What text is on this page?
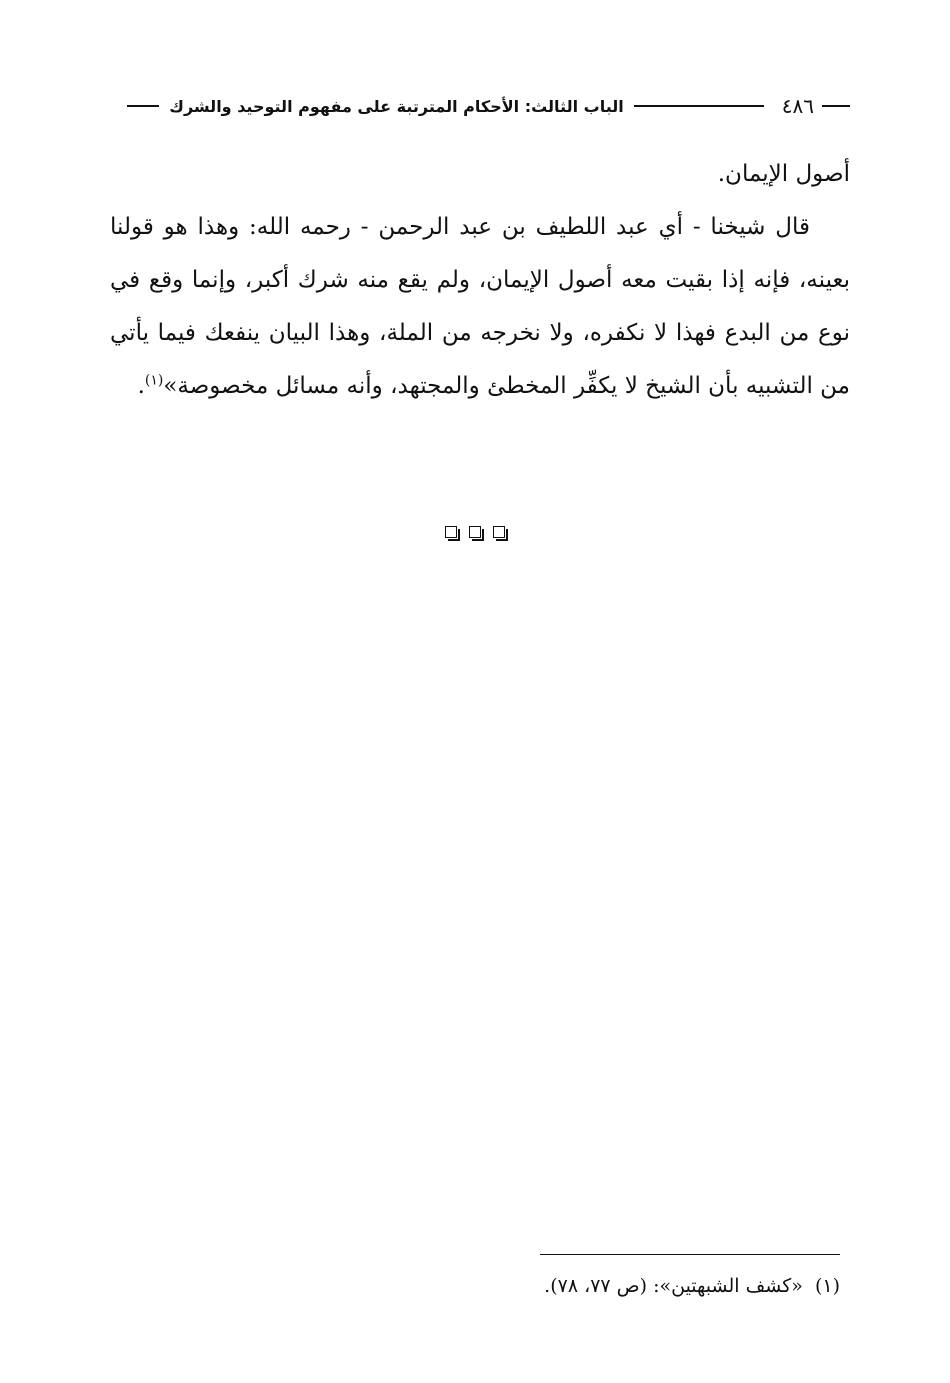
٤٨٦
الباب الثالث: الأحكام المترتبة على مفهوم التوحيد والشرك

أصول الإيمان.

قال شيخنا - أي عبد اللطيف بن عبد الرحمن - رحمه الله: وهذا هو قولنا بعينه، فإنه إذا بقيت معه أصول الإيمان، ولم يقع منه شرك أكبر، وإنما وقع في نوع من البدع فهذا لا نكفره، ولا نخرجه من الملة، وهذا البيان ينفعك فيما يأتي من التشبيه بأن الشيخ لا يكفِّر المخطئ والمجتهد، وأنه مسائل مخصوصة»$^{(١)}$.

(١) «كشف الشبهتين»: (ص ٧٧، ٧٨).
